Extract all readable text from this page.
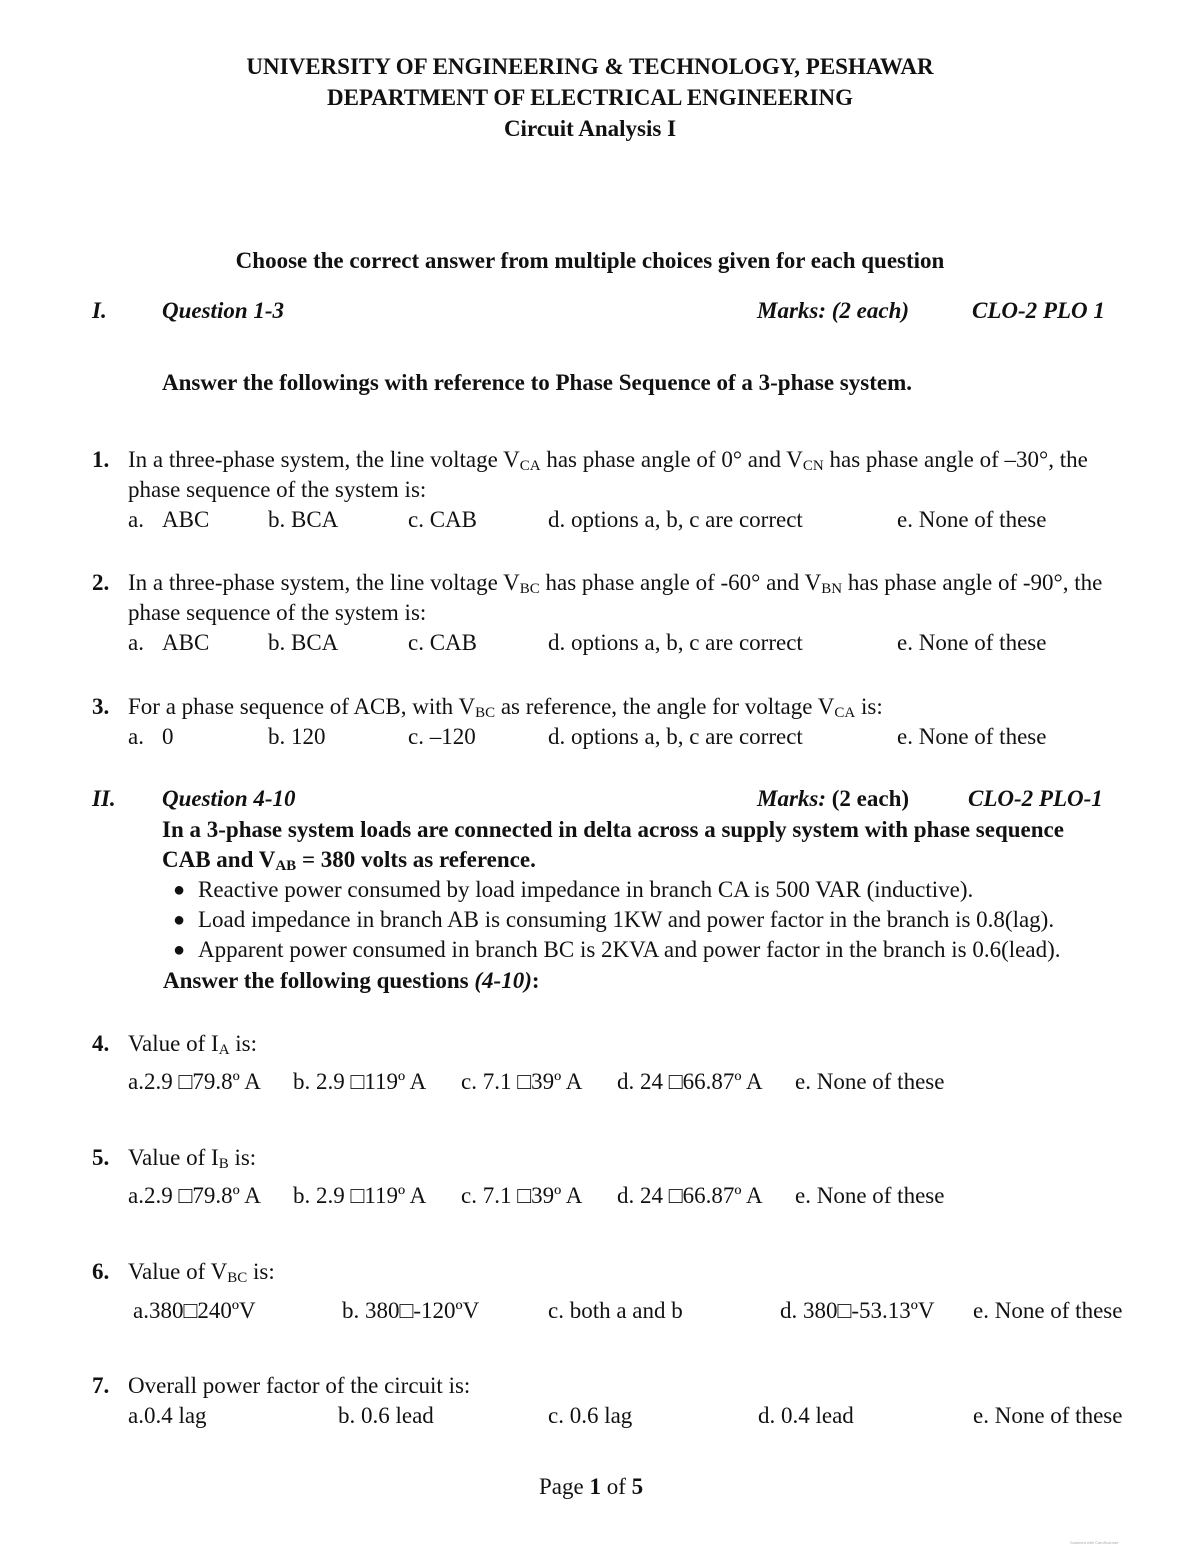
UNIVERSITY OF ENGINEERING & TECHNOLOGY, PESHAWAR
DEPARTMENT OF ELECTRICAL ENGINEERING
Circuit Analysis I
Choose the correct answer from multiple choices given for each question
I. Question 1-3	Marks: (2 each)	CLO-2 PLO 1
Answer the followings with reference to Phase Sequence of a 3-phase system.
1. In a three-phase system, the line voltage $V_{CA}$ has phase angle of 0° and $V_{CN}$ has phase angle of –30°, the
phase sequence of the system is:
a. ABC	b. BCA	c. CAB	d. options a, b, c are correct	e. None of these
2. In a three-phase system, the line voltage $V_{BC}$ has phase angle of -60° and $V_{BN}$ has phase angle of -90°, the
phase sequence of the system is:
a. ABC	b. BCA	c. CAB	d. options a, b, c are correct	e. None of these
3. For a phase sequence of ACB, with $V_{BC}$ as reference, the angle for voltage $V_{CA}$ is:
a. 0	b. 120	c. –120	d. options a, b, c are correct	e. None of these
II. Question 4-10	Marks: (2 each)	CLO-2 PLO-1
In a 3-phase system loads are connected in delta across a supply system with phase sequence
CAB and $V_{AB} = 380$ volts as reference.
● Reactive power consumed by load impedance in branch CA is 500 VAR (inductive).
● Load impedance in branch AB is consuming 1KW and power factor in the branch is 0.8(lag).
● Apparent power consumed in branch BC is 2KVA and power factor in the branch is 0.6(lead).
Answer the following questions (4-10):
4. Value of $I_A$ is:
a.2.9 □79.8º A b. 2.9 □119º A c. 7.1 □39º A d. 24 □66.87º A e. None of these
5. Value of $I_B$ is:
a.2.9 □79.8º A b. 2.9 □119º A c. 7.1 □39º A d. 24 □66.87º A e. None of these
6. Value of $V_{BC}$ is:
a.380□240ºV	b. 380□-120ºV	c. both a and b	d. 380□-53.13ºV e. None of these
7. Overall power factor of the circuit is:
a.0.4 lag	b. 0.6 lead	c. 0.6 lag	d. 0.4 lead	e. None of these
Page 1 of 5
Scanned with CamScanner
